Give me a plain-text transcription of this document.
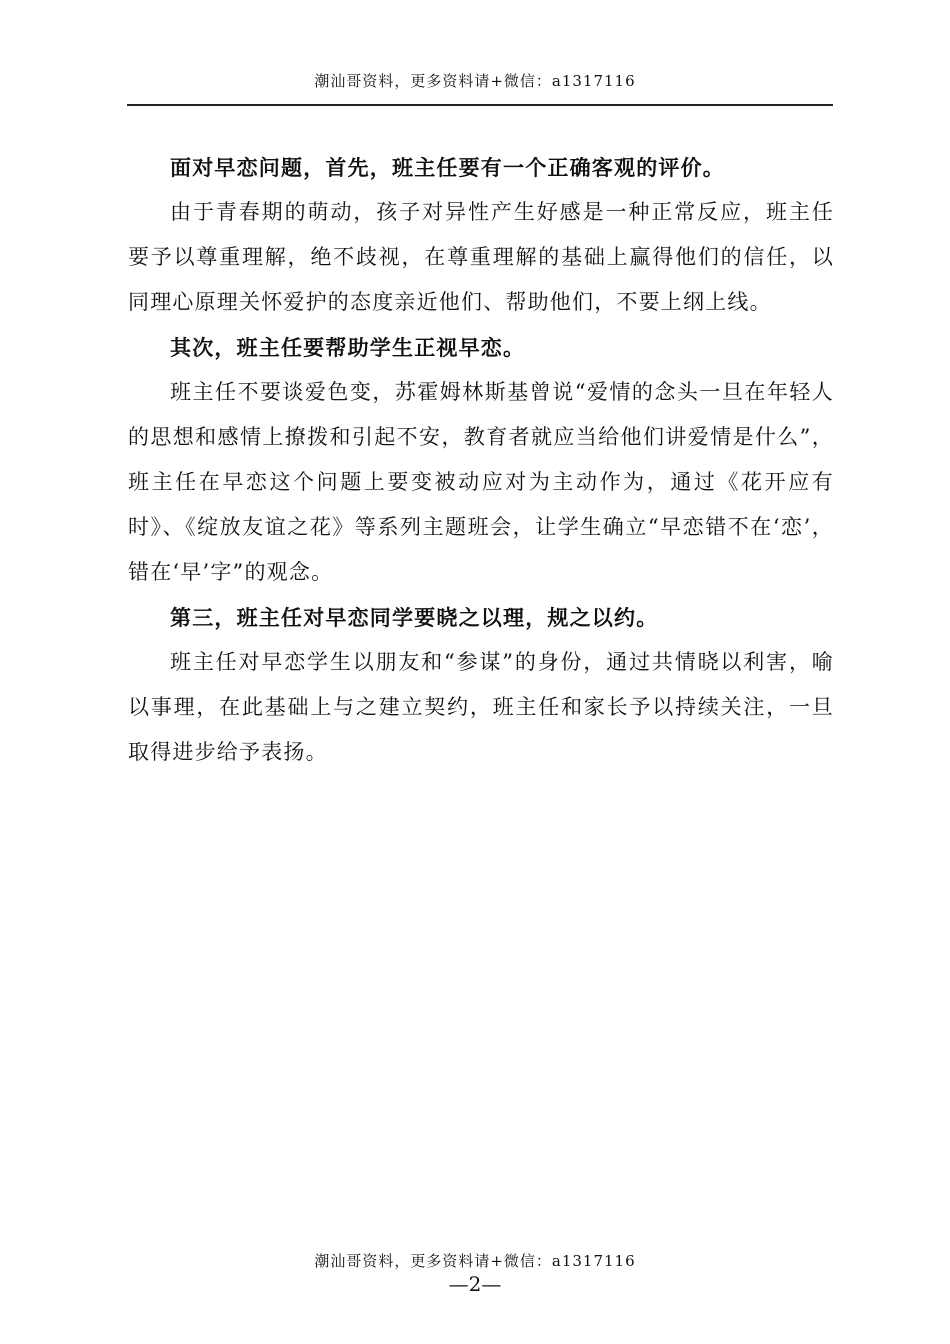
潮汕哥资料，更多资料请+微信：a1317116

面对早恋问题，首先，班主任要有一个正确客观的评价。

由于青春期的萌动，孩子对异性产生好感是一种正常反应，班主任要予以尊重理解，绝不歧视，在尊重理解的基础上赢得他们的信任，以同理心原理关怀爱护的态度亲近他们、帮助他们，不要上纲上线。

其次，班主任要帮助学生正视早恋。

班主任不要谈爱色变，苏霍姆林斯基曾说“爱情的念头一旦在年轻人的思想和感情上撩拨和引起不安，教育者就应当给他们讲爱情是什么”，班主任在早恋这个问题上要变被动应对为主动作为，通过《花开应有时》、《绽放友谊之花》等系列主题班会，让学生确立“早恋错不在‘恋’，错在‘早’字”的观念。

第三，班主任对早恋同学要晓之以理，规之以约。

班主任对早恋学生以朋友和“参谋”的身份，通过共情晓以利害，喻以事理，在此基础上与之建立契约，班主任和家长予以持续关注，一旦取得进步给予表扬。

潮汕哥资料，更多资料请+微信：a1317116
—2—
